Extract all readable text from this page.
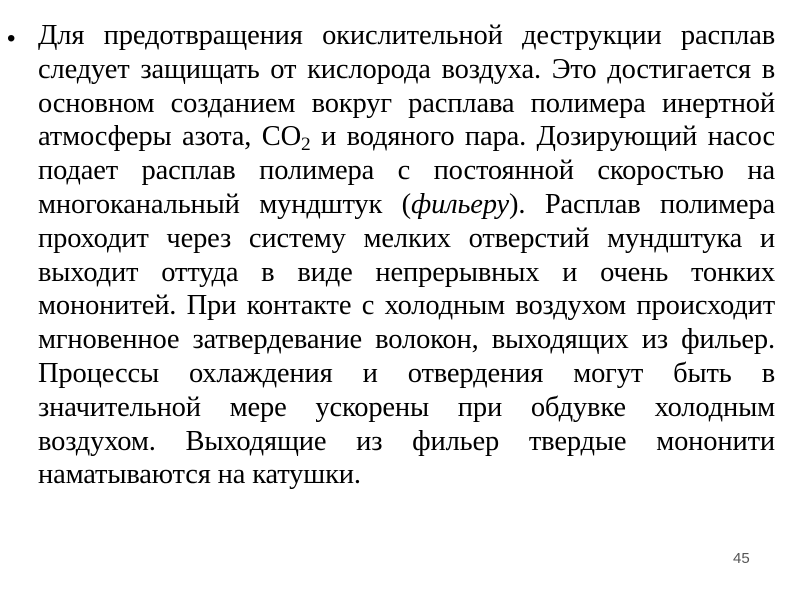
• Для предотвращения окислительной деструкции расплав следует защищать от кислорода воздуха. Это достигается в основном созданием вокруг расплава полимера инертной атмосферы азота, $СО_2$ и водяного пара. Дозирующий насос подает расплав полимера с постоянной скоростью на многоканальный мундштук (фильеру). Расплав полимера проходит через систему мелких отверстий мундштука и выходит оттуда в виде непрерывных и очень тонких мононитей. При контакте с холодным воздухом происходит мгновенное затвердевание волокон, выходящих из фильер. Процессы охлаждения и отвердения могут быть в значительной мере ускорены при обдувке холодным воздухом. Выходящие из фильер твердые мононити наматываются на катушки.

45
